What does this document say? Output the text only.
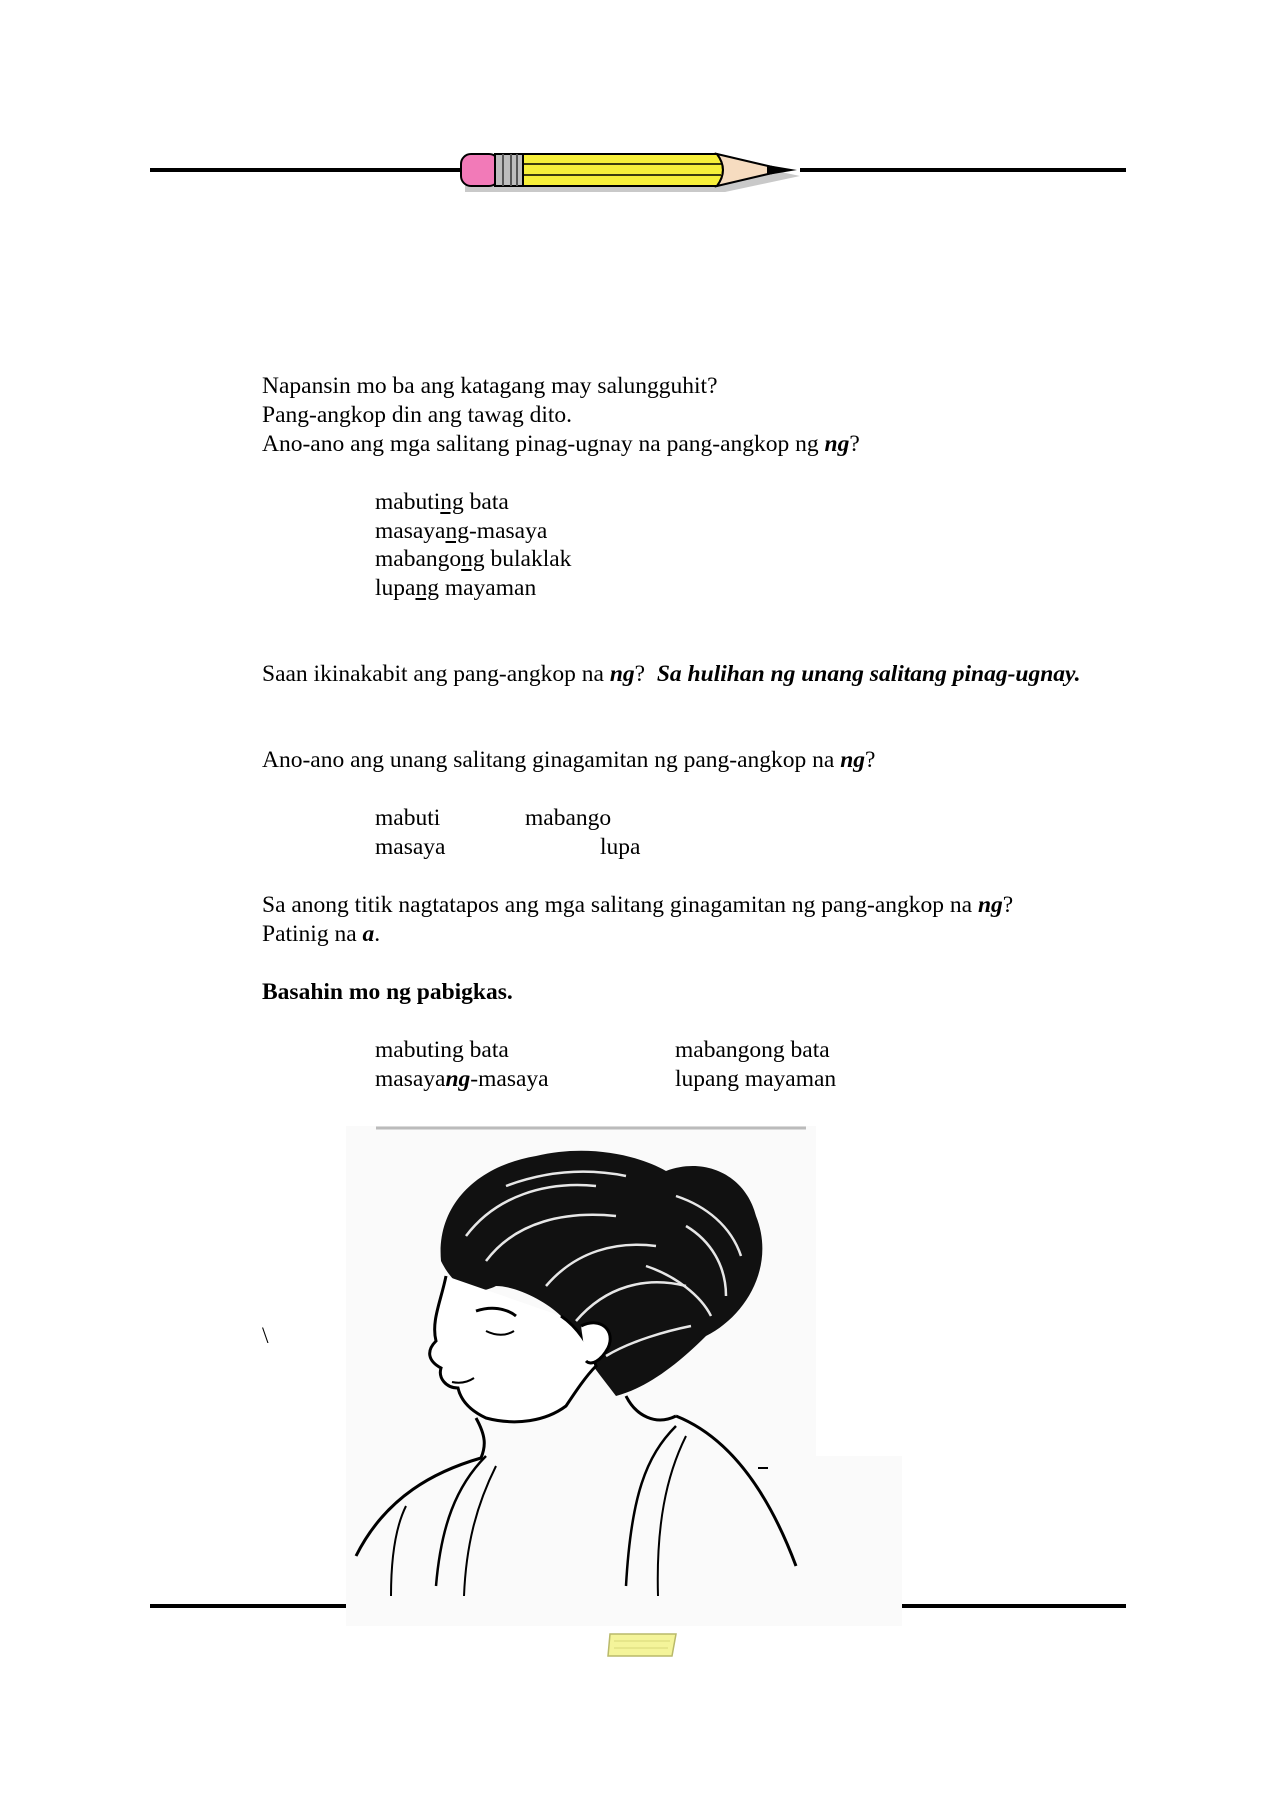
Napansin mo ba ang katagang may salungguhit?
Pang-angkop din ang tawag dito.
Ano-ano ang mga salitang pinag-ugnay na pang-angkop ng ng?
mabuting bata
masayang-masaya
mabangong bulaklak
lupang mayaman
Saan ikinakabit ang pang-angkop na ng? Sa hulihan ng unang salitang pinag-ugnay.
Ano-ano ang unang salitang ginagamitan ng pang-angkop na ng?
mabuti	mabango
masaya	lupa
Sa anong titik nagtatapos ang mga salitang ginagamitan ng pang-angkop na ng?
Patinig na a.
Basahin mo ng pabigkas.
mabuting bata
masayang-masaya
mabangong bata
lupang mayaman
\
